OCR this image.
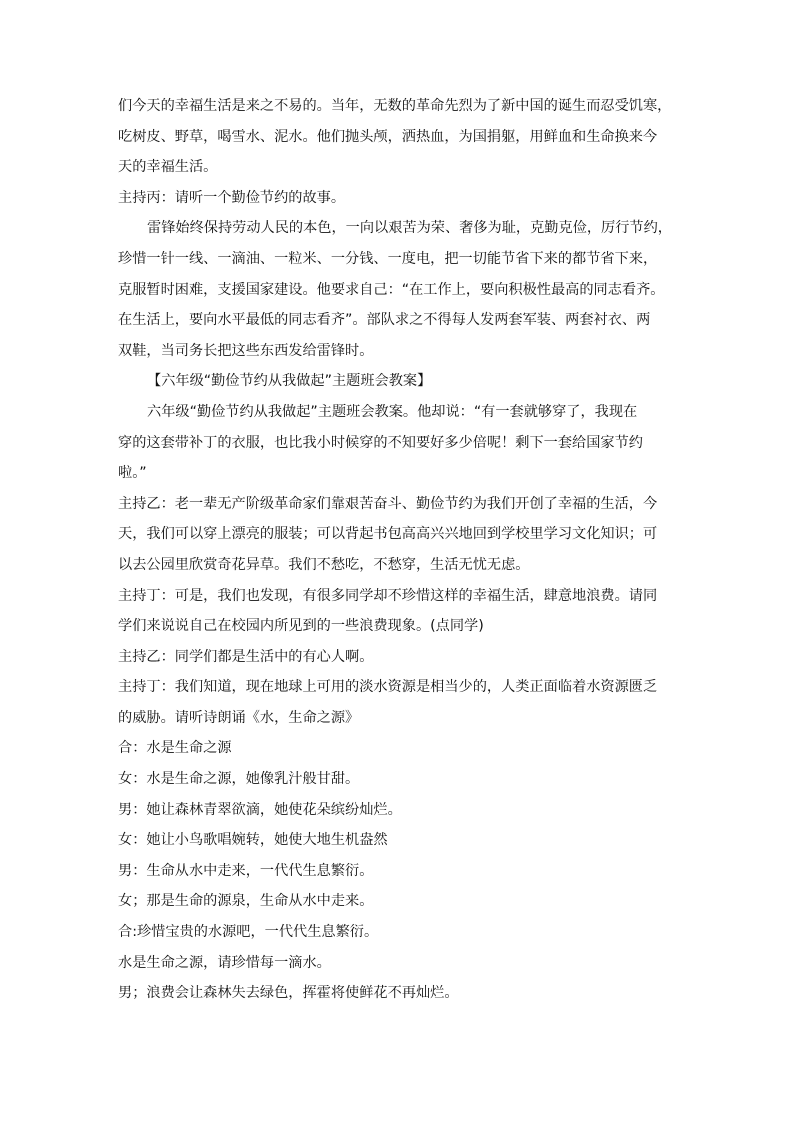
们今天的幸福生活是来之不易的。当年，无数的革命先烈为了新中国的诞生而忍受饥寒，
吃树皮、野草，喝雪水、泥水。他们抛头颅，洒热血，为国捐躯，用鲜血和生命换来今
天的幸福生活。
主持丙：请听一个勤俭节约的故事。
雷锋始终保持劳动人民的本色，一向以艰苦为荣、奢侈为耻，克勤克俭，厉行节约，
珍惜一针一线、一滴油、一粒米、一分钱、一度电，把一切能节省下来的都节省下来，
克服暂时困难，支援国家建设。他要求自己：“在工作上，要向积极性最高的同志看齐。
在生活上，要向水平最低的同志看齐”。部队求之不得每人发两套军装、两套衬衣、两
双鞋，当司务长把这些东西发给雷锋时。
【六年级“勤俭节约从我做起”主题班会教案】
六年级“勤俭节约从我做起”主题班会教案。他却说：“有一套就够穿了，我现在
穿的这套带补丁的衣服，也比我小时候穿的不知要好多少倍呢！剩下一套给国家节约
啦。”
主持乙：老一辈无产阶级革命家们靠艰苦奋斗、勤俭节约为我们开创了幸福的生活，今
天，我们可以穿上漂亮的服装；可以背起书包高高兴兴地回到学校里学习文化知识；可
以去公园里欣赏奇花异草。我们不愁吃，不愁穿，生活无忧无虑。
主持丁：可是，我们也发现，有很多同学却不珍惜这样的幸福生活，肆意地浪费。请同
学们来说说自己在校园内所见到的一些浪费现象。(点同学)
主持乙：同学们都是生活中的有心人啊。
主持丁：我们知道，现在地球上可用的淡水资源是相当少的，人类正面临着水资源匮乏
的威胁。请听诗朗诵《水，生命之源》
合：水是生命之源
女：水是生命之源，她像乳汁般甘甜。
男：她让森林青翠欲滴，她使花朵缤纷灿烂。
女：她让小鸟歌唱婉转，她使大地生机盎然
男：生命从水中走来，一代代生息繁衍。
女；那是生命的源泉，生命从水中走来。
合:珍惜宝贵的水源吧，一代代生息繁衍。
水是生命之源，请珍惜每一滴水。
男；浪费会让森林失去绿色，挥霍将使鲜花不再灿烂。
